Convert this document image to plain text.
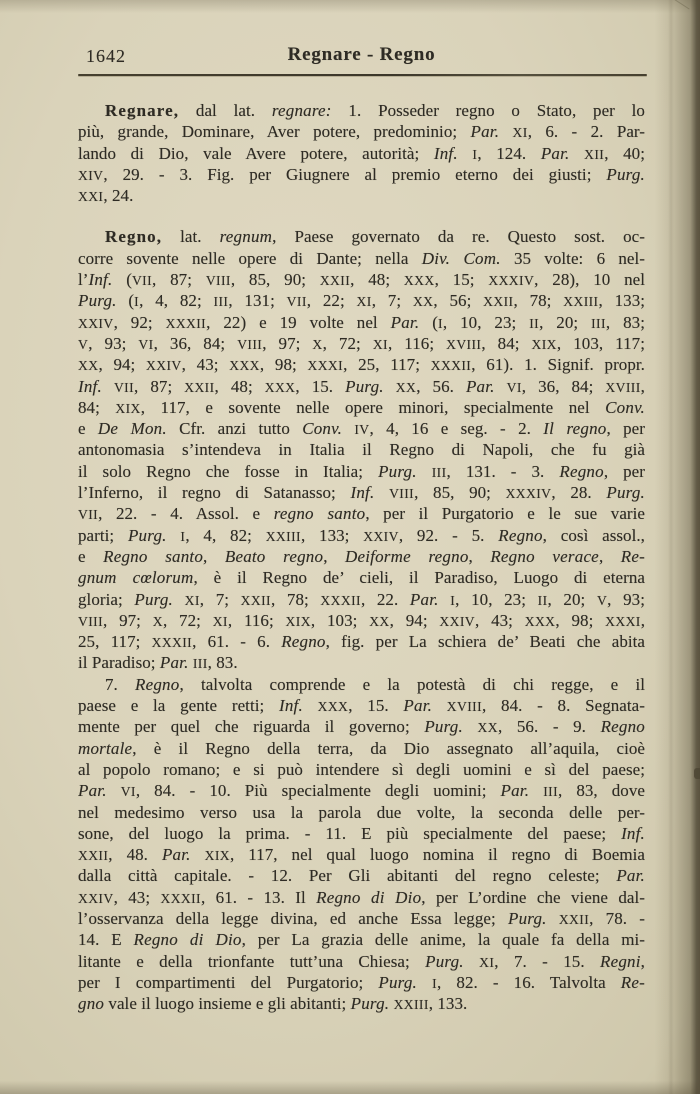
1642	Regnare - Regno
Regnare, dal lat. regnare: 1. Posseder regno o Stato, per lo
più, grande, Dominare, Aver potere, predominio; Par. XI, 6. - 2. Par-
lando di Dio, vale Avere potere, autorità; Inf. I, 124. Par. XII, 40;
XIV, 29. - 3. Fig. per Giugnere al premio eterno dei giusti; Purg.
XXI, 24.
Regno, lat. regnum, Paese governato da re. Questo sost. oc-
corre sovente nelle opere di Dante; nella Div. Com. 35 volte: 6 nel-
l’Inf. (VII, 87; VIII, 85, 90; XXII, 48; XXX, 15; XXXIV, 28), 10 nel
Purg. (I, 4, 82; III, 131; VII, 22; XI, 7; XX, 56; XXII, 78; XXIII, 133;
XXIV, 92; XXXII, 22) e 19 volte nel Par. (I, 10, 23; II, 20; III, 83;
V, 93; VI, 36, 84; VIII, 97; X, 72; XI, 116; XVIII, 84; XIX, 103, 117;
XX, 94; XXIV, 43; XXX, 98; XXXI, 25, 117; XXXII, 61). 1. Signif. propr.
Inf. VII, 87; XXII, 48; XXX, 15. Purg. XX, 56. Par. VI, 36, 84; XVIII,
84; XIX, 117, e sovente nelle opere minori, specialmente nel Conv.
e De Mon. Cfr. anzi tutto Conv. IV, 4, 16 e seg. - 2. Il regno, per
antonomasia s’intendeva in Italia il Regno di Napoli, che fu già
il solo Regno che fosse in Italia; Purg. III, 131. - 3. Regno, per
l’Inferno, il regno di Satanasso; Inf. VIII, 85, 90; XXXIV, 28. Purg.
VII, 22. - 4. Assol. e regno santo, per il Purgatorio e le sue varie
parti; Purg. I, 4, 82; XXIII, 133; XXIV, 92. - 5. Regno, così assol.,
e Regno santo, Beato regno, Deiforme regno, Regno verace, Re-
gnum cœlorum, è il Regno de’ cieli, il Paradiso, Luogo di eterna
gloria; Purg. XI, 7; XXII, 78; XXXII, 22. Par. I, 10, 23; II, 20; V, 93;
VIII, 97; X, 72; XI, 116; XIX, 103; XX, 94; XXIV, 43; XXX, 98; XXXI,
25, 117; XXXII, 61. - 6. Regno, fig. per La schiera de’ Beati che abita
il Paradiso; Par. III, 83.
7. Regno, talvolta comprende e la potestà di chi regge, e il
paese e la gente retti; Inf. XXX, 15. Par. XVIII, 84. - 8. Segnata-
mente per quel che riguarda il governo; Purg. XX, 56. - 9. Regno
mortale, è il Regno della terra, da Dio assegnato all’aquila, cioè
al popolo romano; e si può intendere sì degli uomini e sì del paese;
Par. VI, 84. - 10. Più specialmente degli uomini; Par. III, 83, dove
nel medesimo verso usa la parola due volte, la seconda delle per-
sone, del luogo la prima. - 11. E più specialmente del paese; Inf.
XXII, 48. Par. XIX, 117, nel qual luogo nomina il regno di Boemia
dalla città capitale. - 12. Per Gli abitanti del regno celeste; Par.
XXIV, 43; XXXII, 61. - 13. Il Regno di Dio, per L’ordine che viene dal-
l’osservanza della legge divina, ed anche Essa legge; Purg. XXII, 78. -
14. E Regno di Dio, per La grazia delle anime, la quale fa della mi-
litante e della trionfante tutt’una Chiesa; Purg. XI, 7. - 15. Regni,
per I compartimenti del Purgatorio; Purg. I, 82. - 16. Talvolta Re-
gno vale il luogo insieme e gli abitanti; Purg. XXIII, 133.
